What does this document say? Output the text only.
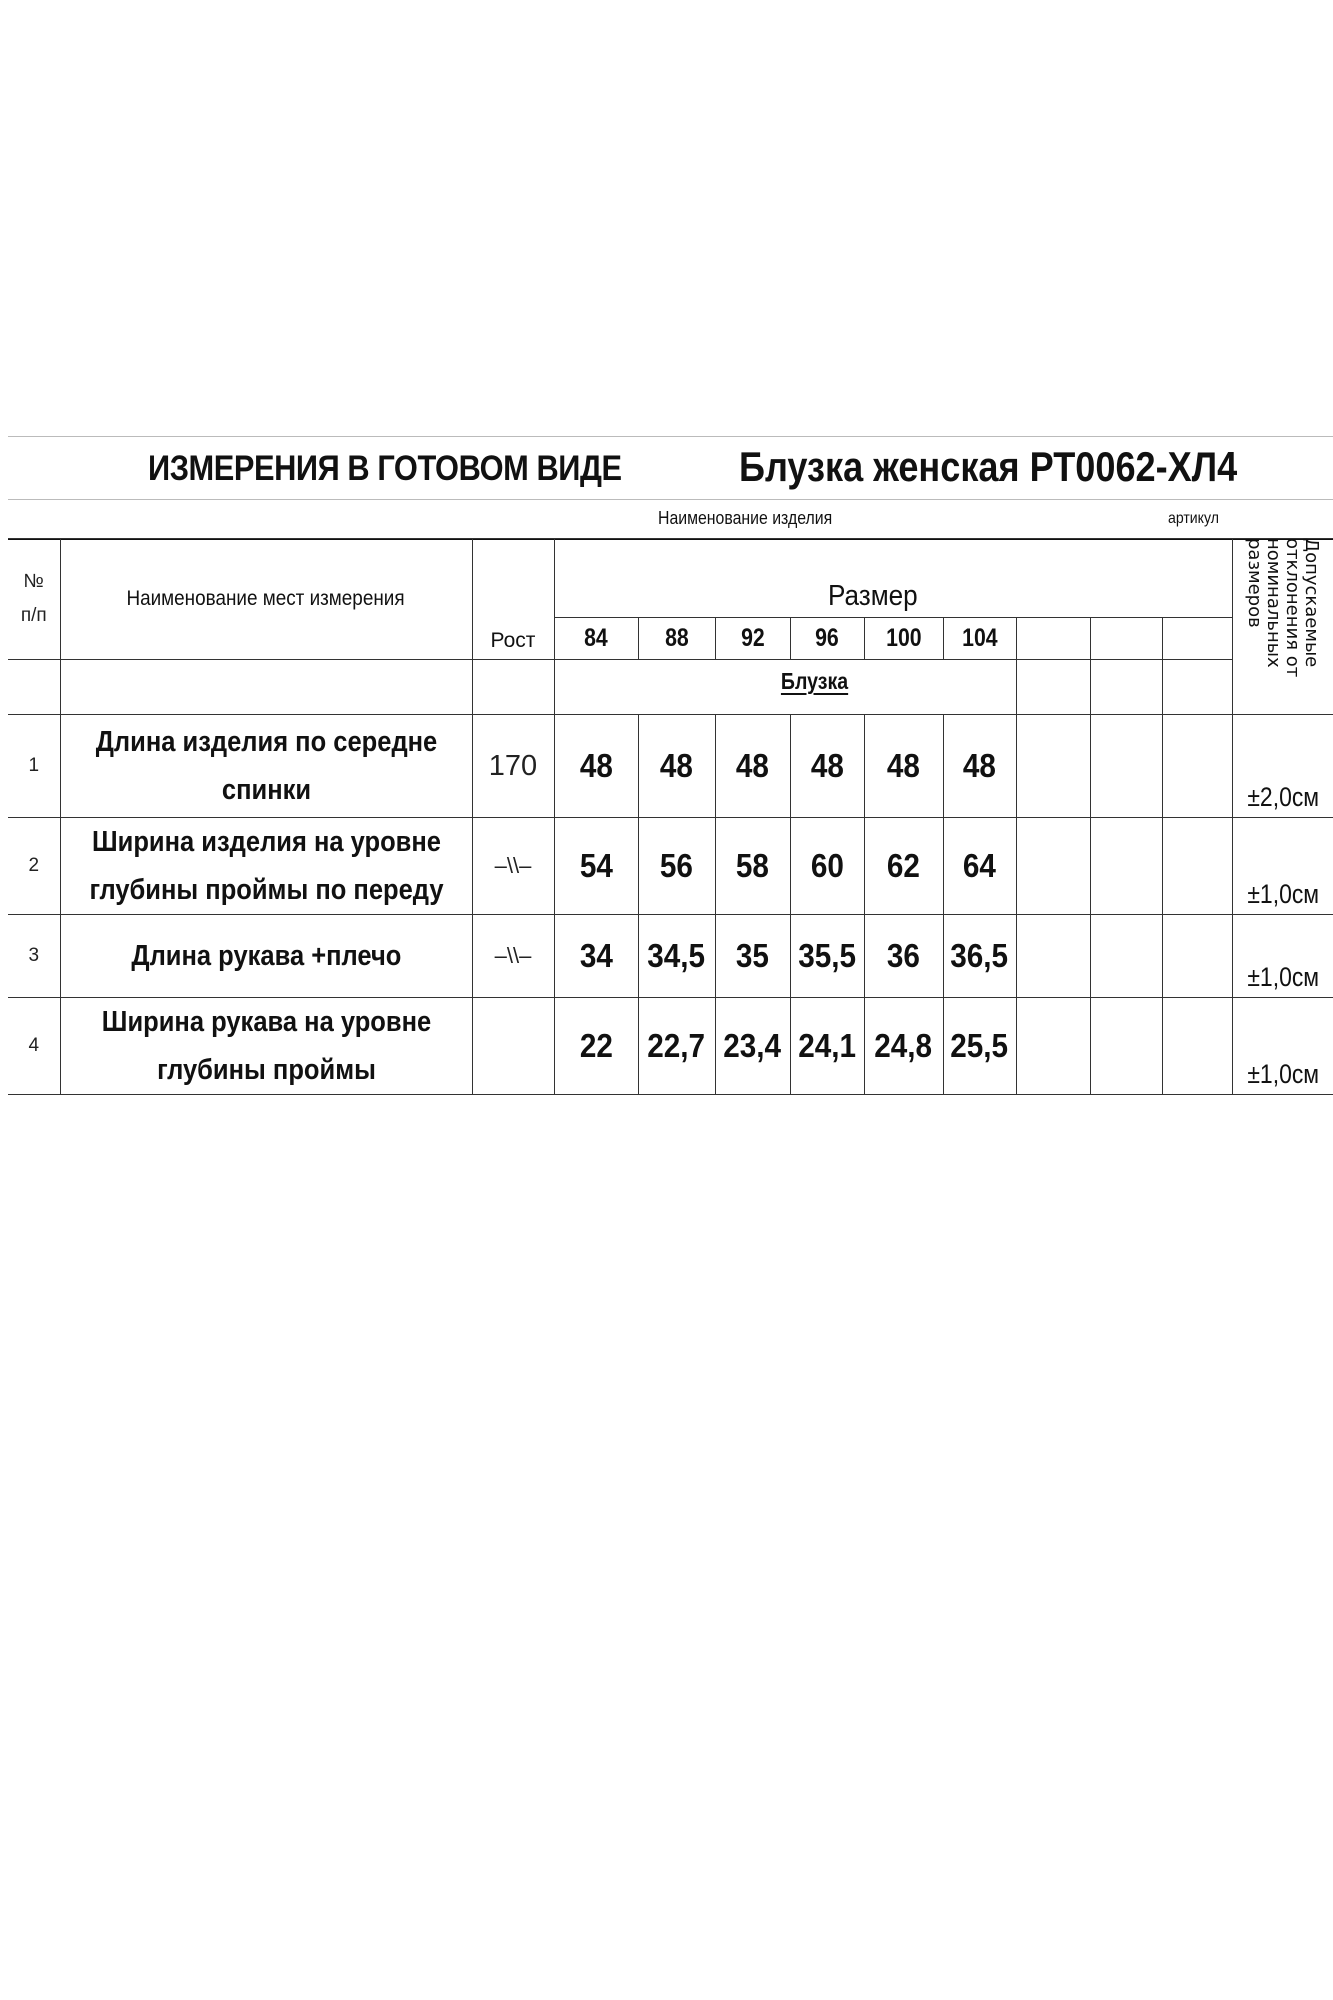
ИЗМЕРЕНИЯ В ГОТОВОМ ВИДЕ	Блузка женская РТ0062-ХЛ4
Наименование изделия	артикул
№ п/п	Наименование мест измерения	Рост	Размер									Допускаемые отклонения от номинальных размеров

			84	88	92	96	100	104				
			Блузка									
1	Длина изделия по середне спинки	170	48	48	48	48	48	48				±2,0см
2	Ширина изделия на уровне глубины проймы по переду	–\\–	54	56	58	60	62	64				±1,0см
3	Длина рукава +плечо	–\\–	34	34,5	35	35,5	36	36,5				±1,0см
4	Ширина рукава на уровне глубины проймы		22	22,7	23,4	24,1	24,8	25,5				±1,0см
